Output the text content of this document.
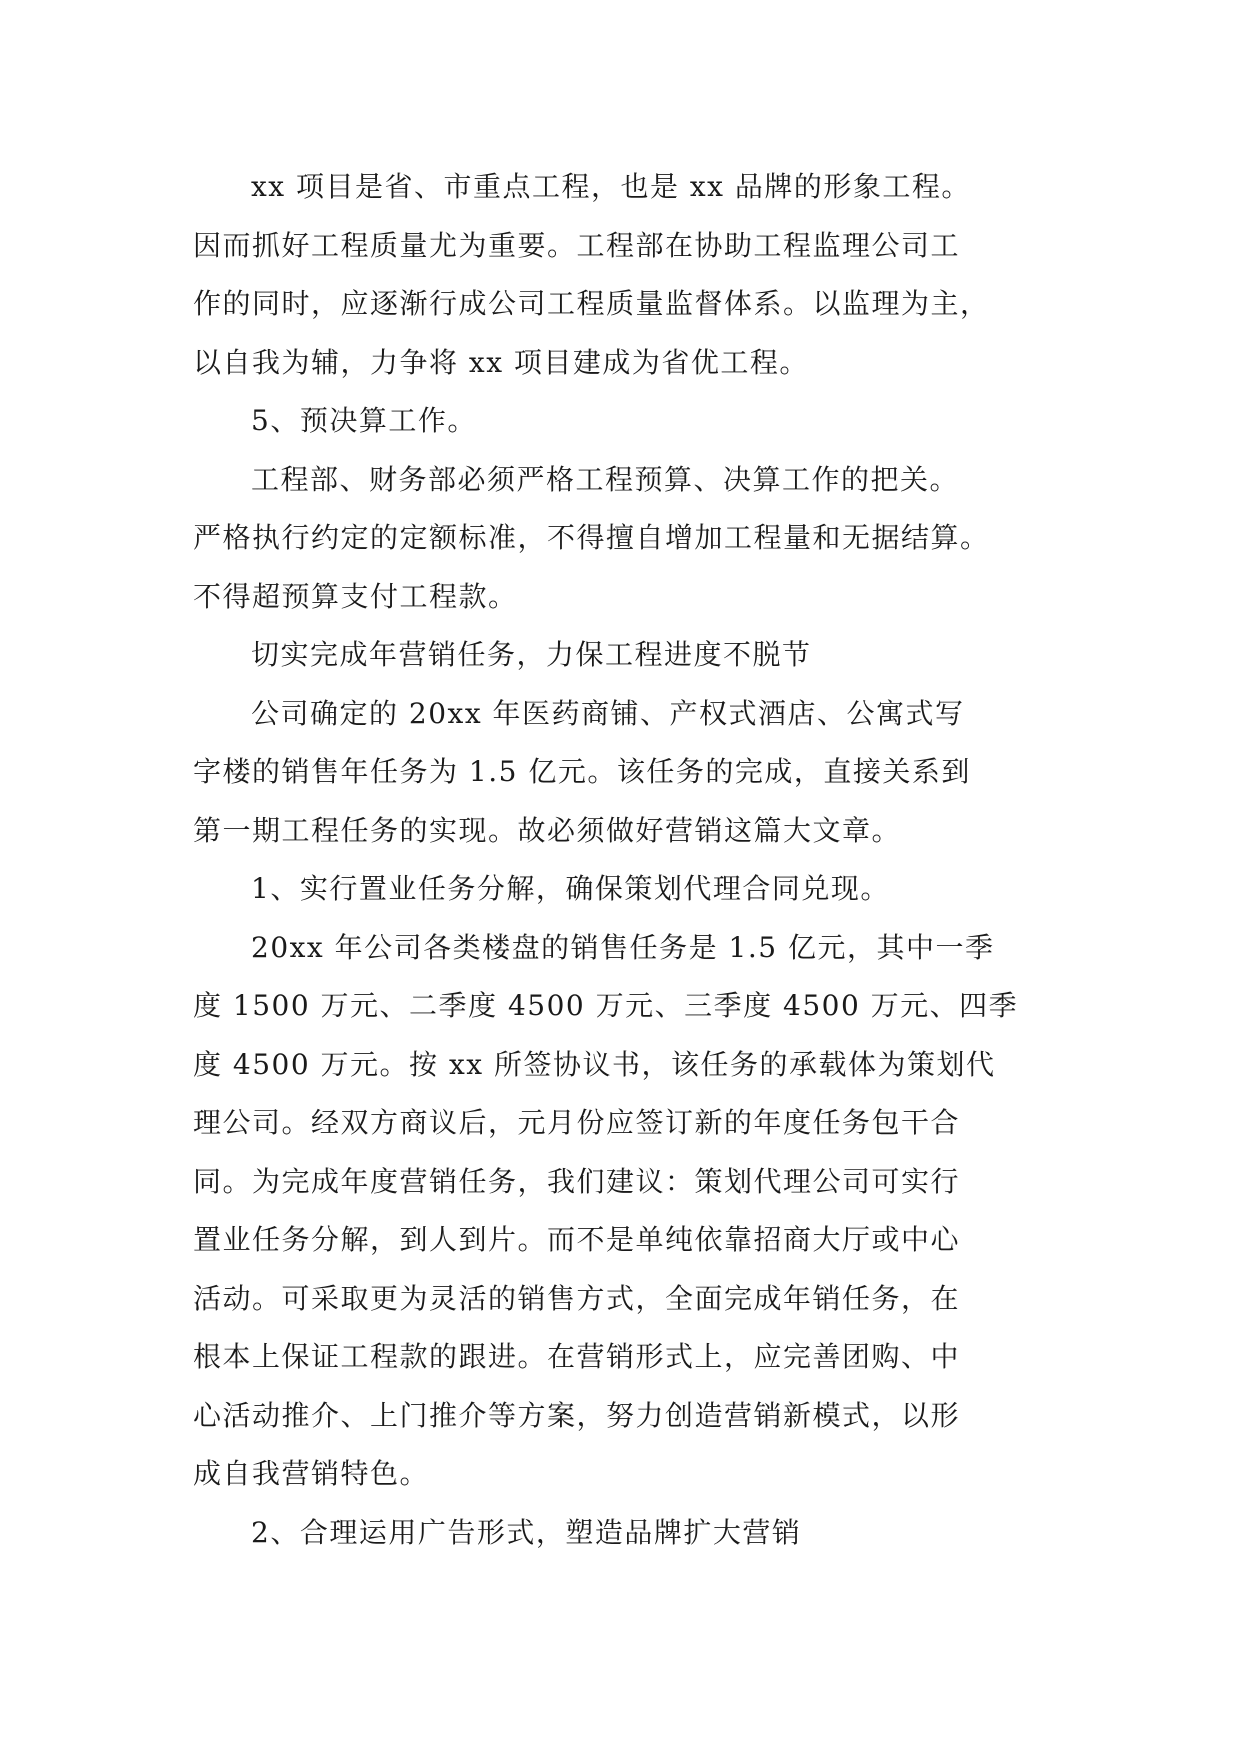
xx 项目是省、市重点工程，也是 xx 品牌的形象工程。
因而抓好工程质量尤为重要。工程部在协助工程监理公司工
作的同时，应逐渐行成公司工程质量监督体系。以监理为主，
以自我为辅，力争将 xx 项目建成为省优工程。
5、预决算工作。
工程部、财务部必须严格工程预算、决算工作的把关。
严格执行约定的定额标准，不得擅自增加工程量和无据结算。
不得超预算支付工程款。
切实完成年营销任务，力保工程进度不脱节
公司确定的 20xx 年医药商铺、产权式酒店、公寓式写
字楼的销售年任务为 1.5 亿元。该任务的完成，直接关系到
第一期工程任务的实现。故必须做好营销这篇大文章。
1、实行置业任务分解，确保策划代理合同兑现。
20xx 年公司各类楼盘的销售任务是 1.5 亿元，其中一季
度 1500 万元、二季度 4500 万元、三季度 4500 万元、四季
度 4500 万元。按 xx 所签协议书，该任务的承载体为策划代
理公司。经双方商议后，元月份应签订新的年度任务包干合
同。为完成年度营销任务，我们建议：策划代理公司可实行
置业任务分解，到人到片。而不是单纯依靠招商大厅或中心
活动。可采取更为灵活的销售方式，全面完成年销任务，在
根本上保证工程款的跟进。在营销形式上，应完善团购、中
心活动推介、上门推介等方案，努力创造营销新模式，以形
成自我营销特色。
2、合理运用广告形式，塑造品牌扩大营销
